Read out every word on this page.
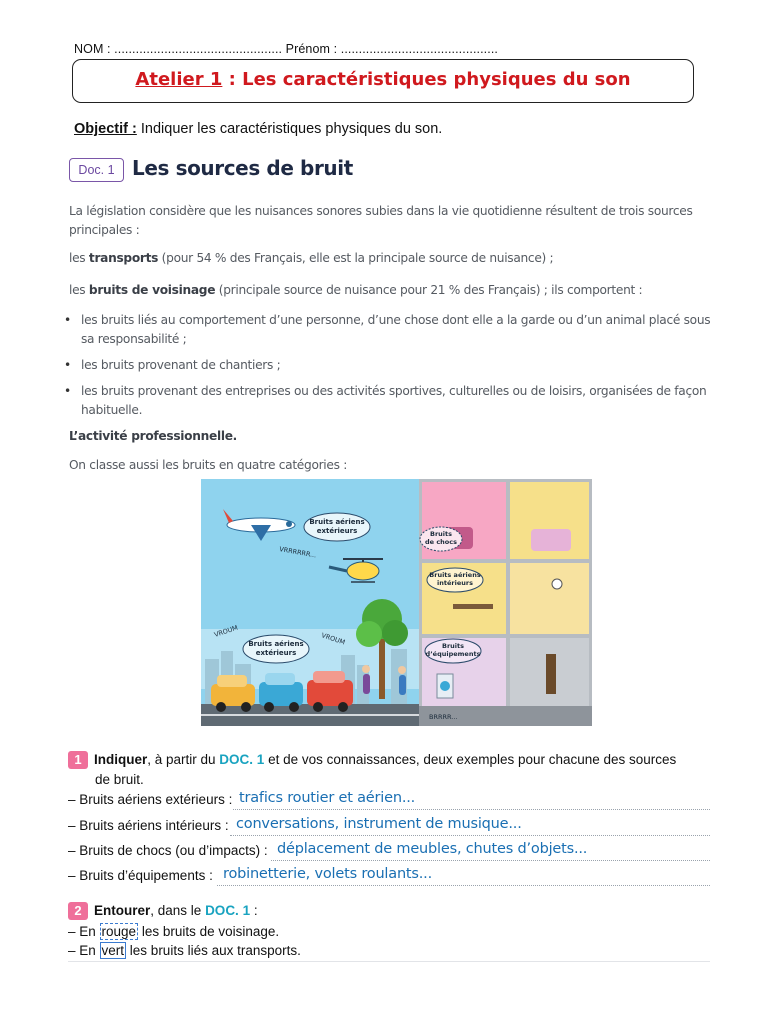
NOM : ............................................... Prénom : ............................................
Atelier 1 : Les caractéristiques physiques du son
Objectif : Indiquer les caractéristiques physiques du son.
Doc. 1 Les sources de bruit
La législation considère que les nuisances sonores subies dans la vie quotidienne résultent de trois sources principales :
les transports (pour 54 % des Français, elle est la principale source de nuisance) ;
les bruits de voisinage (principale source de nuisance pour 21 % des Français) ; ils comportent :
• les bruits liés au comportement d’une personne, d’une chose dont elle a la garde ou d’un animal placé sous sa responsabilité ;
• les bruits provenant de chantiers ;
• les bruits provenant des entreprises ou des activités sportives, culturelles ou de loisirs, organisées de façon habituelle.
L’activité professionnelle.
On classe aussi les bruits en quatre catégories :
Bruits aériens
extérieurs
Bruits aériens
extérieurs
VRRRRRR...
VROUM	VROUM
Bruits
de chocs
Bruits aériens
intérieurs
Bruits
d’équipements
BRRRR...
1 Indiquer, à partir du DOC. 1 et de vos connaissances, deux exemples pour chacune des sources
de bruit.
– Bruits aériens extérieurs : trafics routier et aérien...
– Bruits aériens intérieurs : conversations, instrument de musique...
– Bruits de chocs (ou d’impacts) : déplacement de meubles, chutes d’objets...
– Bruits d’équipements : robinetterie, volets roulants...
2 Entourer, dans le DOC. 1 :
– En rouge les bruits de voisinage.
– En vert les bruits liés aux transports.
